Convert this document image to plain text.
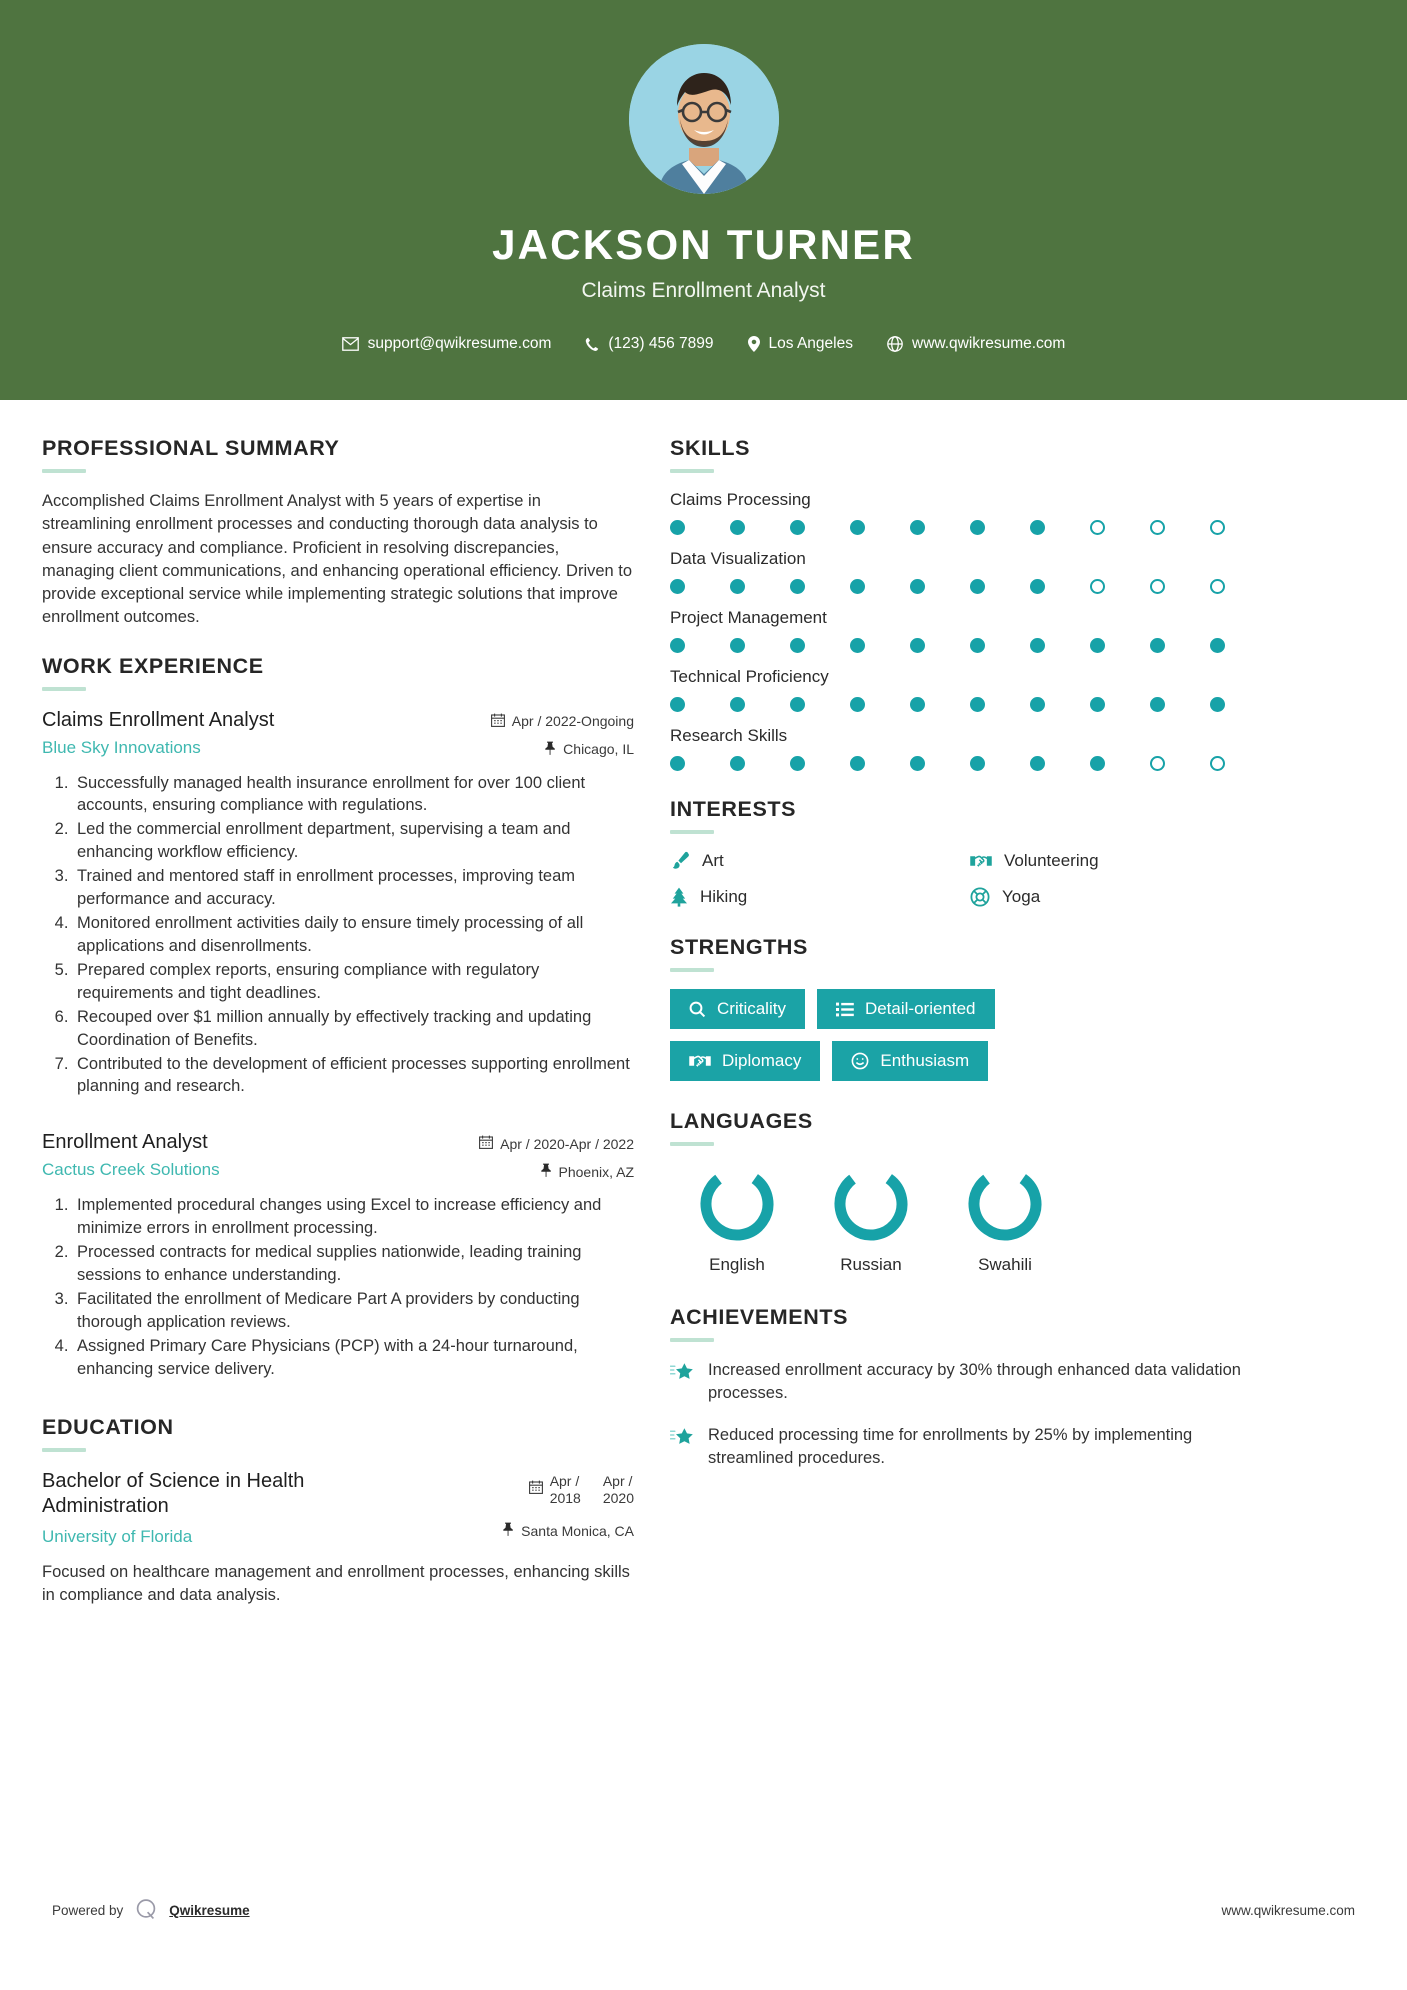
JACKSON TURNER
Claims Enrollment Analyst
support@qwikresume.com	(123) 456 7899	Los Angeles	www.qwikresume.com
PROFESSIONAL SUMMARY
Accomplished Claims Enrollment Analyst with 5 years of expertise in streamlining enrollment processes and conducting thorough data analysis to ensure accuracy and compliance. Proficient in resolving discrepancies, managing client communications, and enhancing operational efficiency. Driven to provide exceptional service while implementing strategic solutions that improve enrollment outcomes.
WORK EXPERIENCE
Claims Enrollment Analyst
Blue Sky Innovations
Apr / 2022-Ongoing
Chicago, IL
1. Successfully managed health insurance enrollment for over 100 client accounts, ensuring compliance with regulations.
2. Led the commercial enrollment department, supervising a team and enhancing workflow efficiency.
3. Trained and mentored staff in enrollment processes, improving team performance and accuracy.
4. Monitored enrollment activities daily to ensure timely processing of all applications and disenrollments.
5. Prepared complex reports, ensuring compliance with regulatory requirements and tight deadlines.
6. Recouped over $1 million annually by effectively tracking and updating Coordination of Benefits.
7. Contributed to the development of efficient processes supporting enrollment planning and research.
Enrollment Analyst
Cactus Creek Solutions
Apr / 2020-Apr / 2022
Phoenix, AZ
1. Implemented procedural changes using Excel to increase efficiency and minimize errors in enrollment processing.
2. Processed contracts for medical supplies nationwide, leading training sessions to enhance understanding.
3. Facilitated the enrollment of Medicare Part A providers by conducting thorough application reviews.
4. Assigned Primary Care Physicians (PCP) with a 24-hour turnaround, enhancing service delivery.
EDUCATION
Bachelor of Science in Health Administration
University of Florida
Apr /
2018
Apr /
2020
Santa Monica, CA
Focused on healthcare management and enrollment processes, enhancing skills in compliance and data analysis.
SKILLS
Claims Processing
Data Visualization
Project Management
Technical Proficiency
Research Skills
INTERESTS
Art	Volunteering
Hiking	Yoga
STRENGTHS
Criticality	Detail-oriented
Diplomacy	Enthusiasm
LANGUAGES
English	Russian	Swahili
ACHIEVEMENTS
Increased enrollment accuracy by 30% through enhanced data validation processes.
Reduced processing time for enrollments by 25% by implementing streamlined procedures.
Powered by	Qwikresume	www.qwikresume.com
